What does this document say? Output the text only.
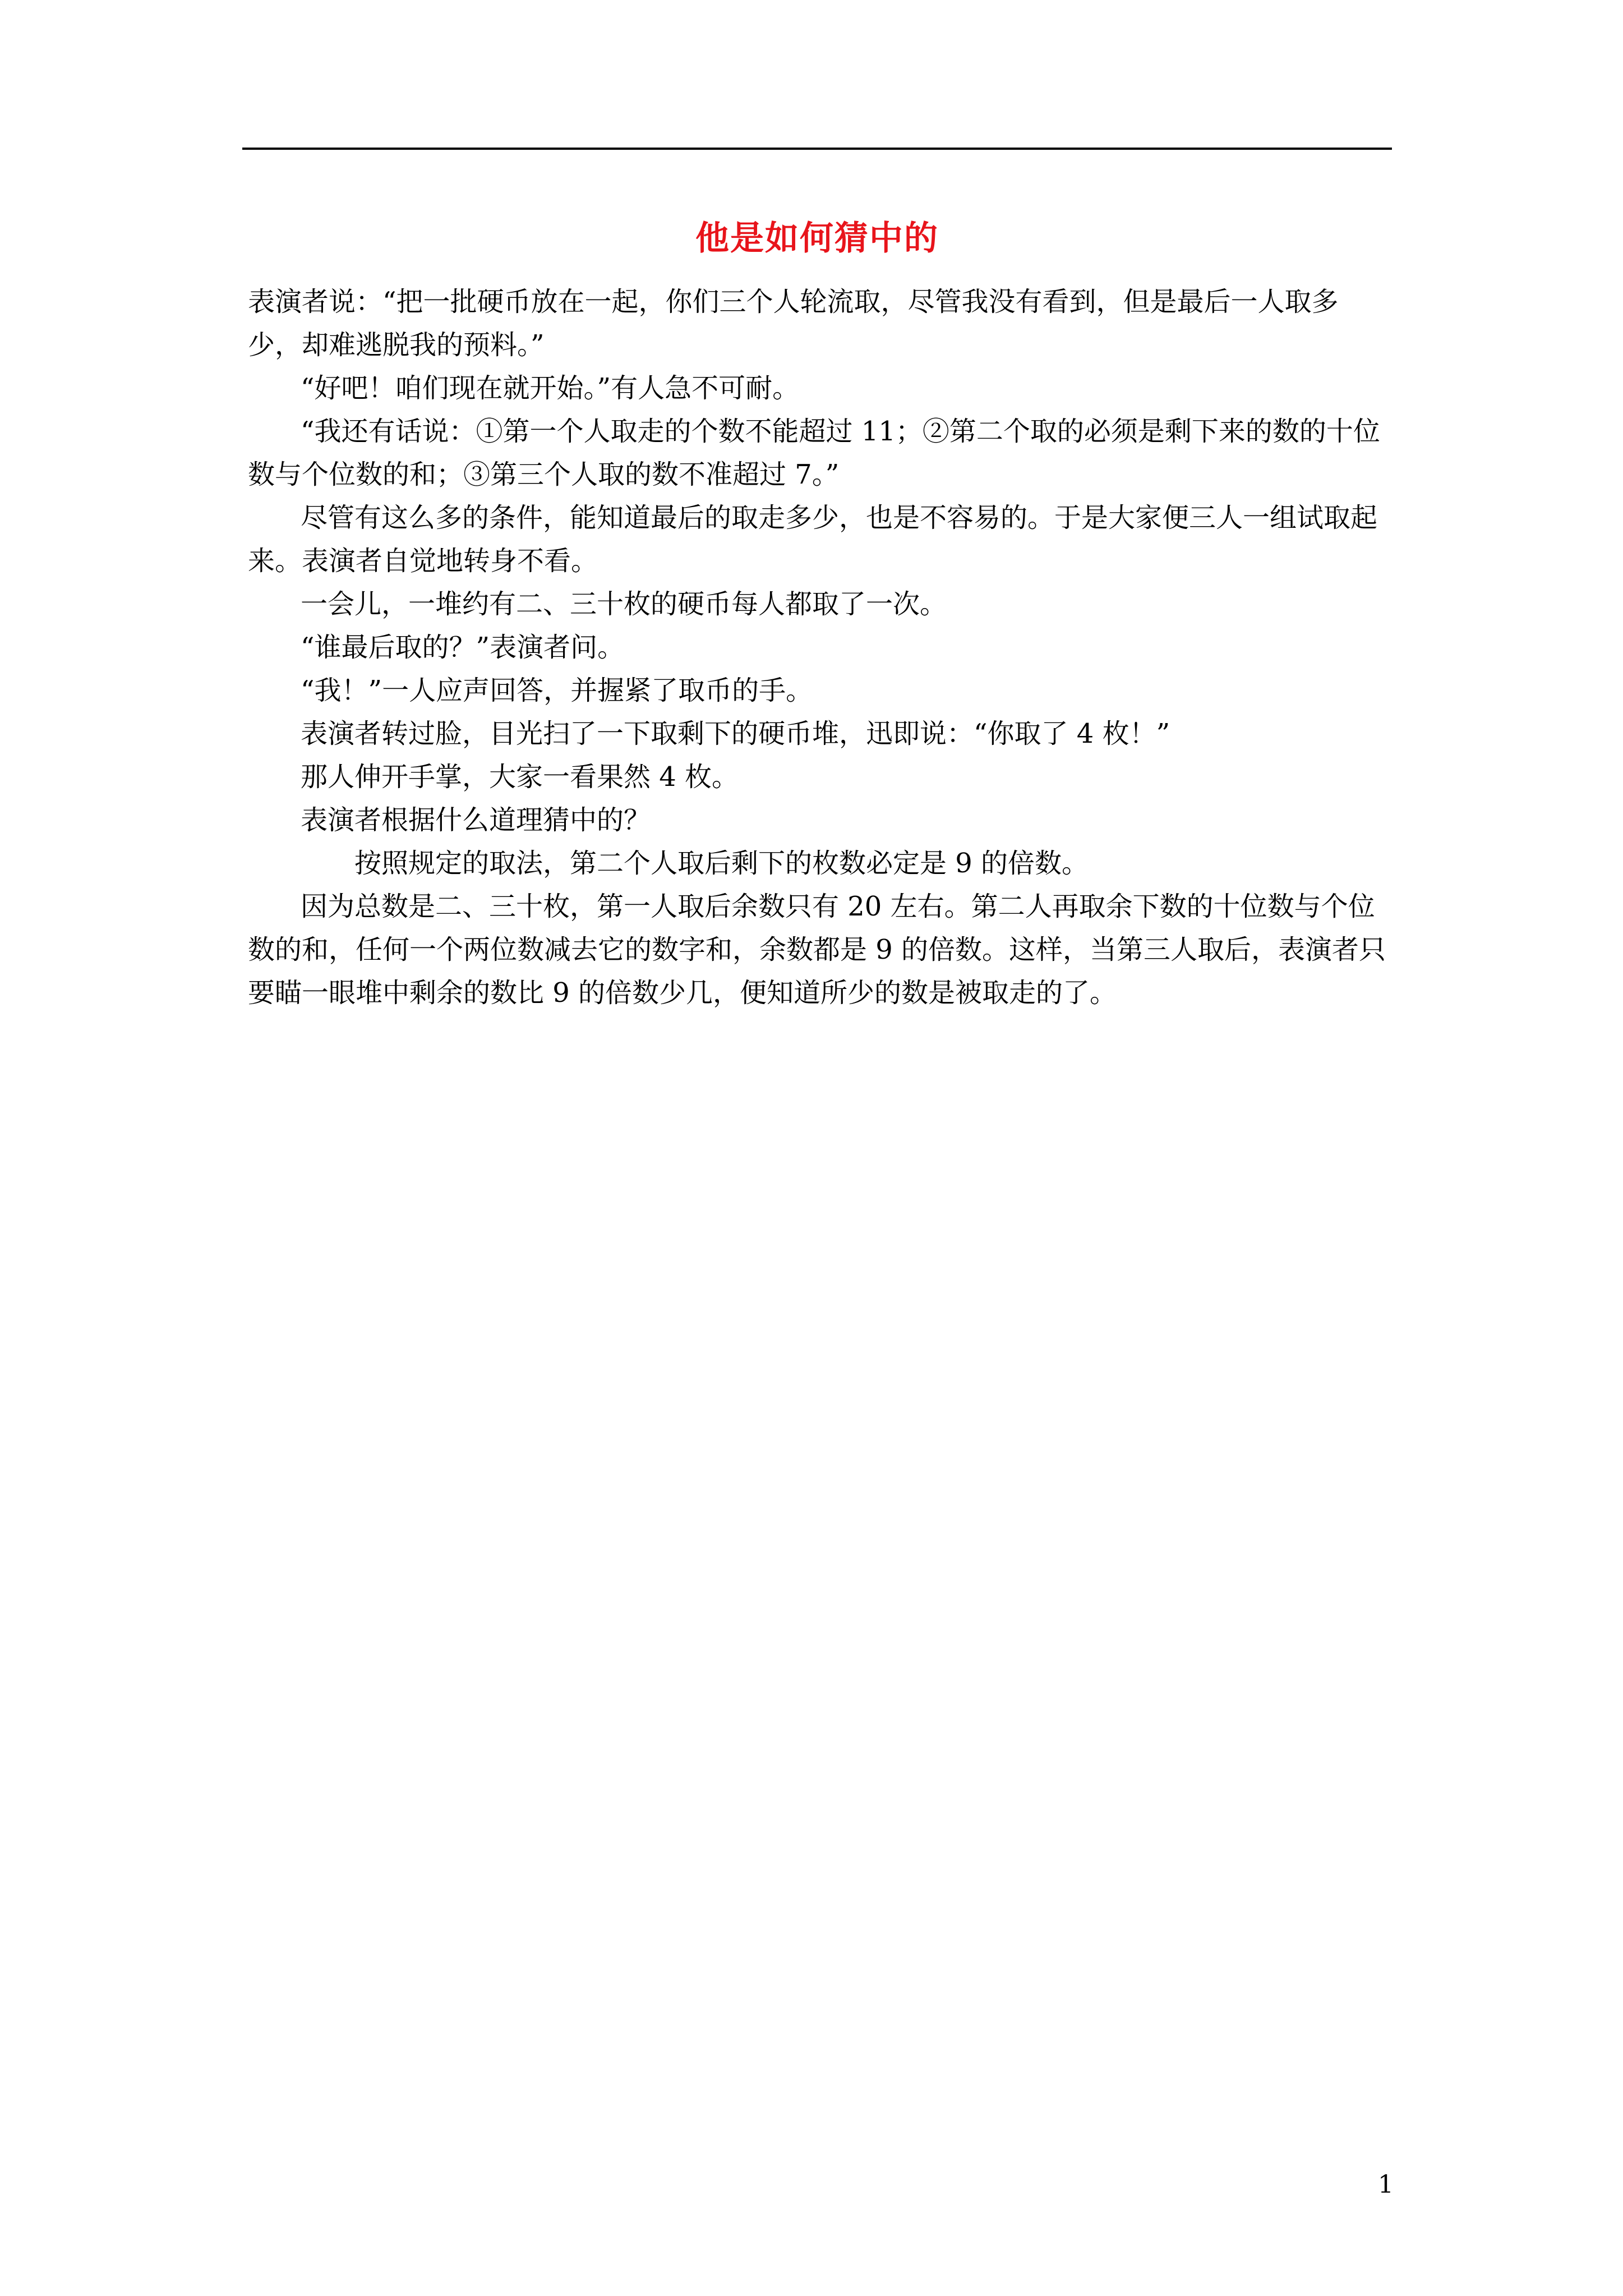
他是如何猜中的

表演者说：“把一批硬币放在一起，你们三个人轮流取，尽管我没有看到，但是最后一人取多少，却难逃脱我的预料。”

“好吧！咱们现在就开始。”有人急不可耐。

“我还有话说：①第一个人取走的个数不能超过 11；②第二个取的必须是剩下来的数的十位数与个位数的和；③第三个人取的数不准超过 7。”

尽管有这么多的条件，能知道最后的取走多少，也是不容易的。于是大家便三人一组试取起来。表演者自觉地转身不看。

一会儿，一堆约有二、三十枚的硬币每人都取了一次。

“谁最后取的？”表演者问。

“我！”一人应声回答，并握紧了取币的手。

表演者转过脸，目光扫了一下取剩下的硬币堆，迅即说：“你取了 4 枚！”

那人伸开手掌，大家一看果然 4 枚。

表演者根据什么道理猜中的？

按照规定的取法，第二个人取后剩下的枚数必定是 9 的倍数。

因为总数是二、三十枚，第一人取后余数只有 20 左右。第二人再取余下数的十位数与个位数的和，任何一个两位数减去它的数字和，余数都是 9 的倍数。这样，当第三人取后，表演者只要瞄一眼堆中剩余的数比 9 的倍数少几，便知道所少的数是被取走的了。

1
